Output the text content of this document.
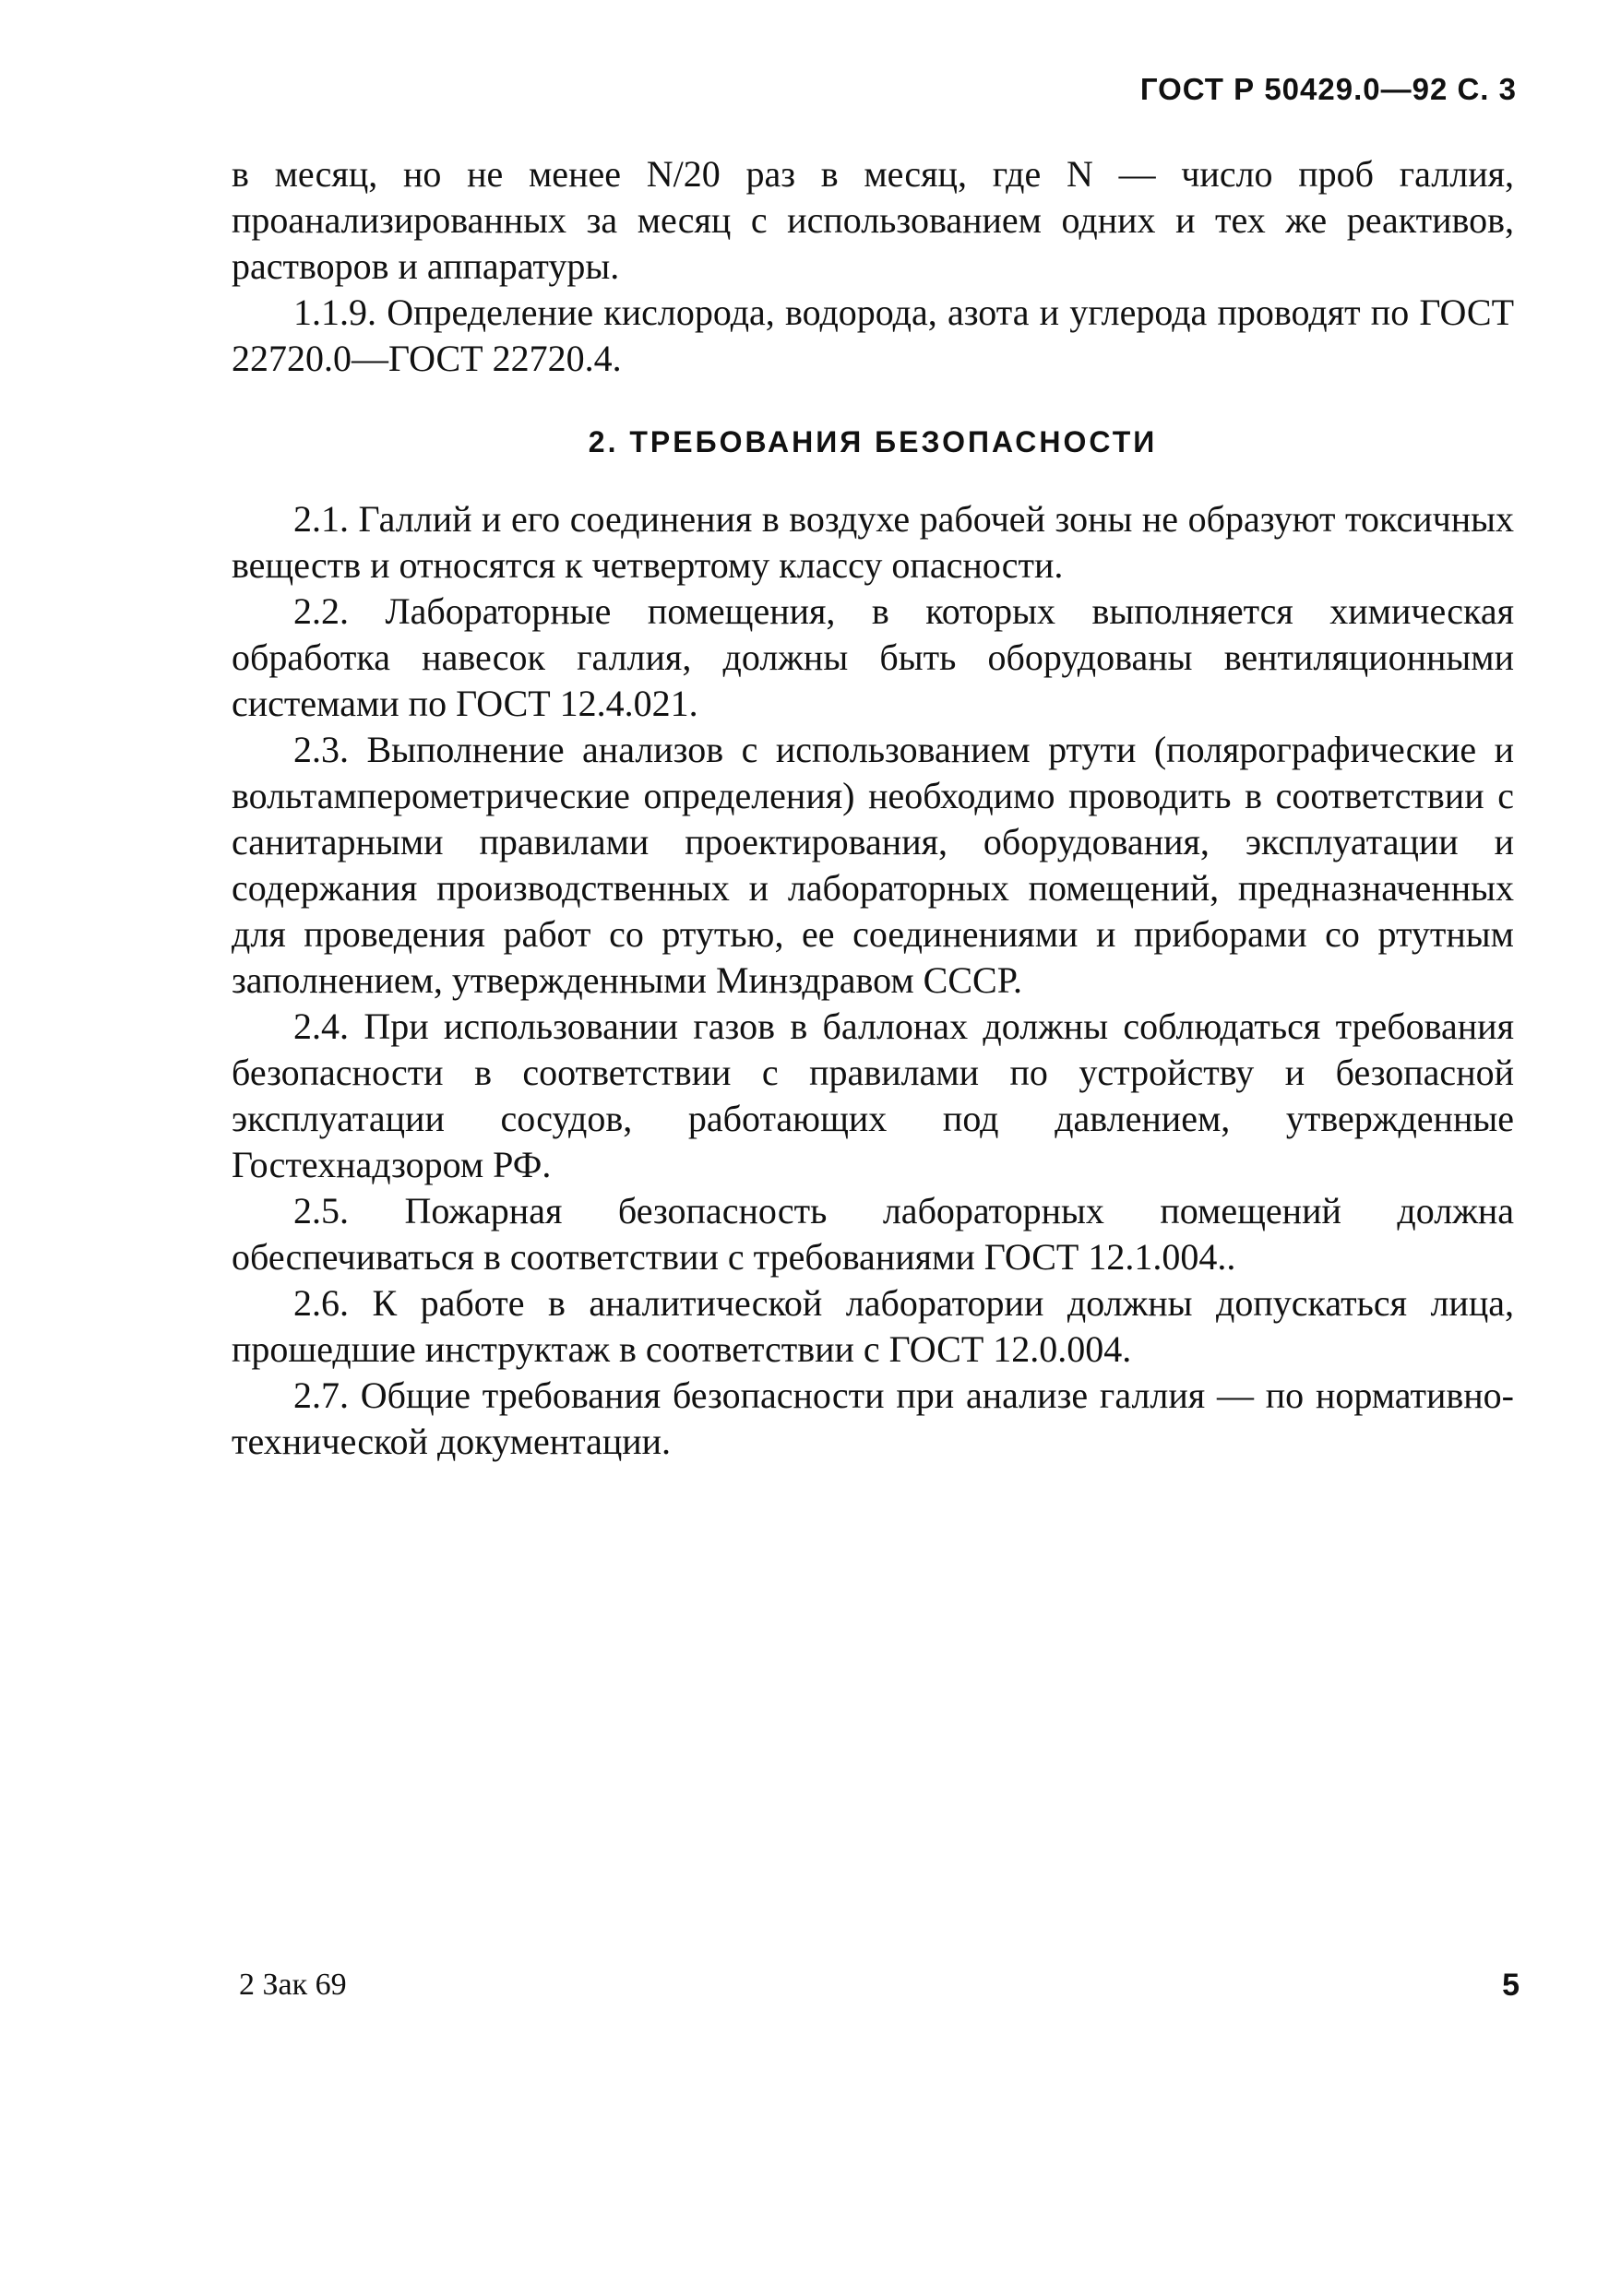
ГОСТ Р 50429.0—92 С. 3

в месяц, но не менее N/20 раз в месяц, где N — число проб галлия, проанализированных за месяц с использованием одних и тех же реактивов, растворов и аппаратуры.

1.1.9. Определение кислорода, водорода, азота и углерода проводят по ГОСТ 22720.0—ГОСТ 22720.4.

2. ТРЕБОВАНИЯ БЕЗОПАСНОСТИ

2.1. Галлий и его соединения в воздухе рабочей зоны не образуют токсичных веществ и относятся к четвертому классу опасности.

2.2. Лабораторные помещения, в которых выполняется химическая обработка навесок галлия, должны быть оборудованы вентиляционными системами по ГОСТ 12.4.021.

2.3. Выполнение анализов с использованием ртути (полярографические и вольтамперометрические определения) необходимо проводить в соответствии с санитарными правилами проектирования, оборудования, эксплуатации и содержания производственных и лабораторных помещений, предназначенных для проведения работ со ртутью, ее соединениями и приборами со ртутным заполнением, утвержденными Минздравом СССР.

2.4. При использовании газов в баллонах должны соблюдаться требования безопасности в соответствии с правилами по устройству и безопасной эксплуатации сосудов, работающих под давлением, утвержденные Гостехнадзором РФ.

2.5. Пожарная безопасность лабораторных помещений должна обеспечиваться в соответствии с требованиями ГОСТ 12.1.004..

2.6. К работе в аналитической лаборатории должны допускаться лица, прошедшие инструктаж в соответствии с ГОСТ 12.0.004.

2.7. Общие требования безопасности при анализе галлия — по нормативно-технической документации.

2 Зак 69	5
